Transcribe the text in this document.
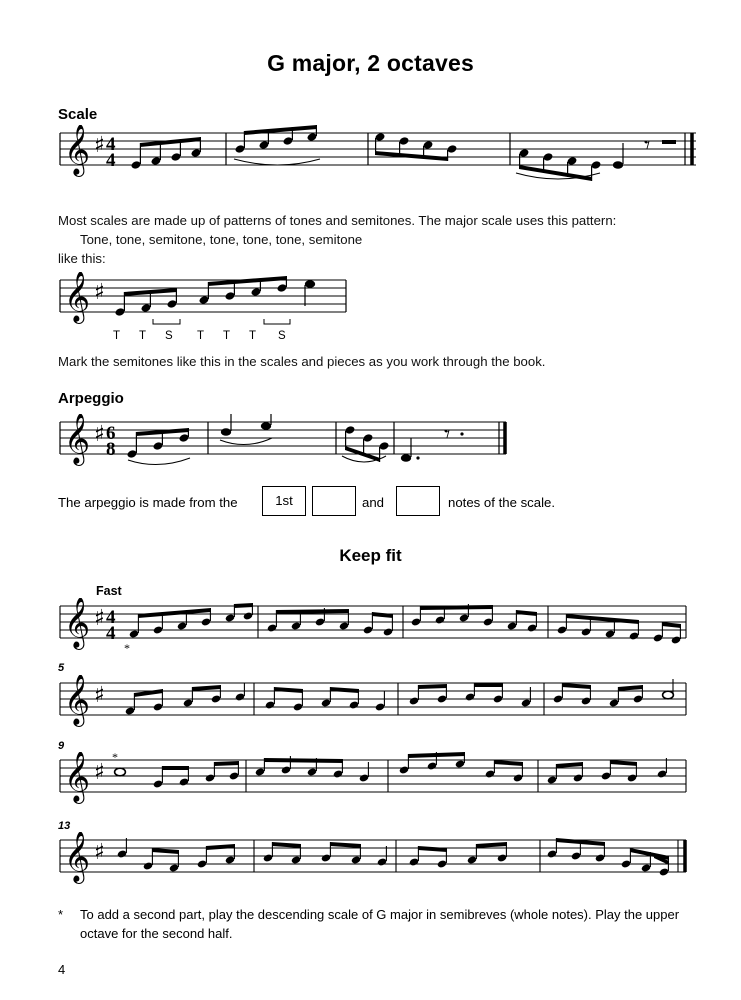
G major, 2 octaves
Scale
𝄞 ♯ 4
4
𝄾
Most scales are made up of patterns of tones and semitones. The major scale uses this pattern:
Tone, tone, semitone, tone, tone, tone, semitone
like this:
𝄞 ♯
T T S T T T S
Mark the semitones like this in the scales and pieces as you work through the book.
Arpeggio
𝄞 ♯ 6
8
𝄾
The arpeggio is made from the	1st	and	notes of the scale.
Keep fit
Fast
𝄞 ♯ 4
4
*
5
𝄞 ♯
9
𝄞 ♯
*
13
𝄞 ♯
* To add a second part, play the descending scale of G major in semibreves (whole notes). Play the upper octave for the second half.
4
